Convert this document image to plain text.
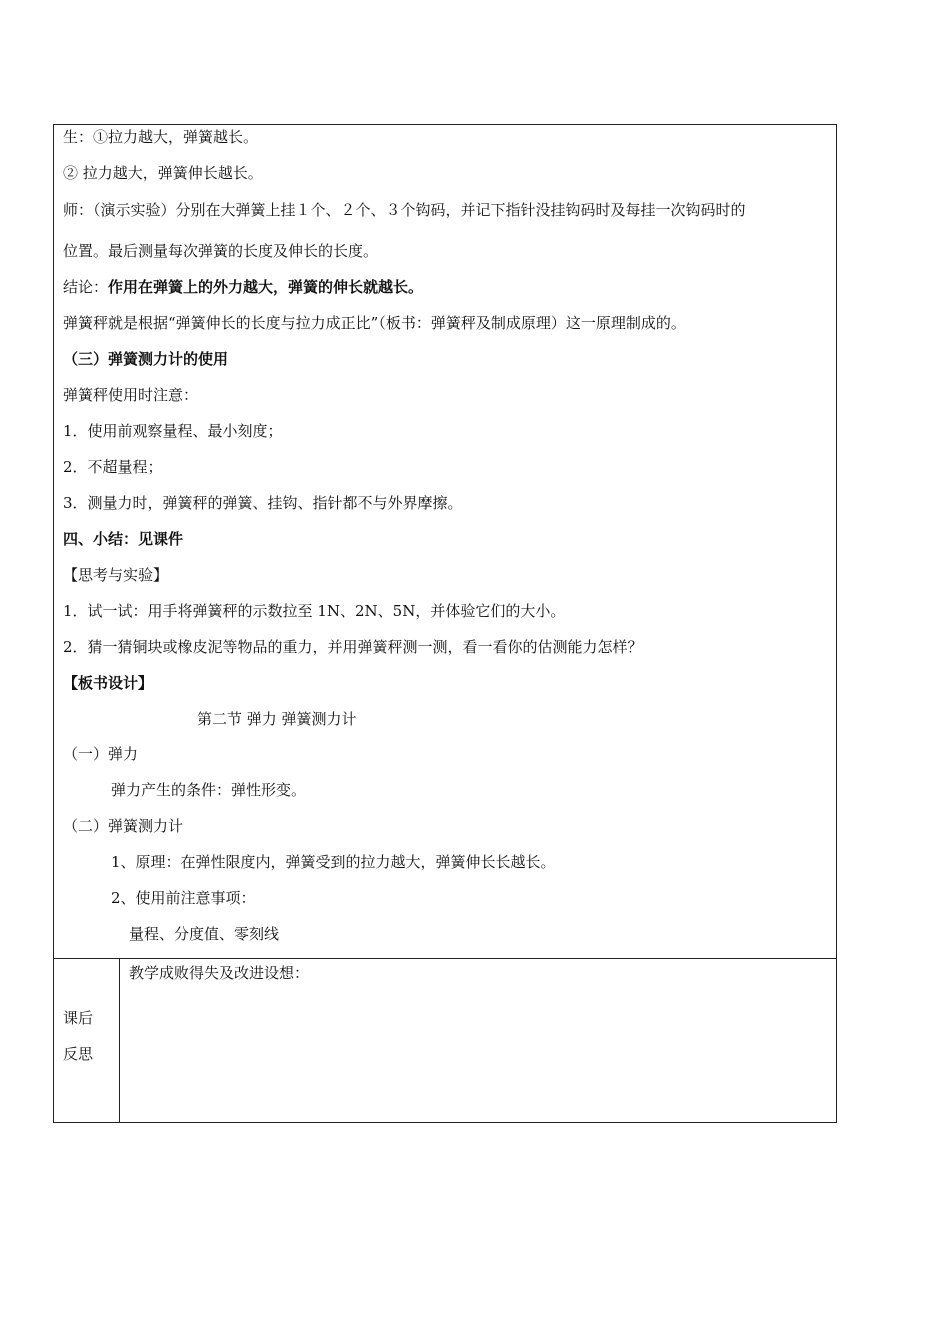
生：①拉力越大，弹簧越长。
② 拉力越大，弹簧伸长越长。
师：（演示实验）分别在大弹簧上挂１个、２个、３个钩码，并记下指针没挂钩码时及每挂一次钩码时的
位置。最后测量每次弹簧的长度及伸长的长度。
结论：作用在弹簧上的外力越大，弹簧的伸长就越长。
弹簧秤就是根据“弹簧伸长的长度与拉力成正比”（板书：弹簧秤及制成原理）这一原理制成的。
（三）弹簧测力计的使用
弹簧秤使用时注意：
1．使用前观察量程、最小刻度；
2．不超量程；
3．测量力时，弹簧秤的弹簧、挂钩、指针都不与外界摩擦。
四、小结：见课件
【思考与实验】
1．试一试：用手将弹簧秤的示数拉至 1N、2N、5N，并体验它们的大小。
2．猜一猜铜块或橡皮泥等物品的重力，并用弹簧秤测一测，看一看你的估测能力怎样？
【板书设计】
第二节 弹力 弹簧测力计
（一）弹力
弹力产生的条件：弹性形变。
（二）弹簧测力计
1、原理：在弹性限度内，弹簧受到的拉力越大，弹簧伸长长越长。
2、使用前注意事项：
量程、分度值、零刻线
课后
反思
教学成败得失及改进设想：
